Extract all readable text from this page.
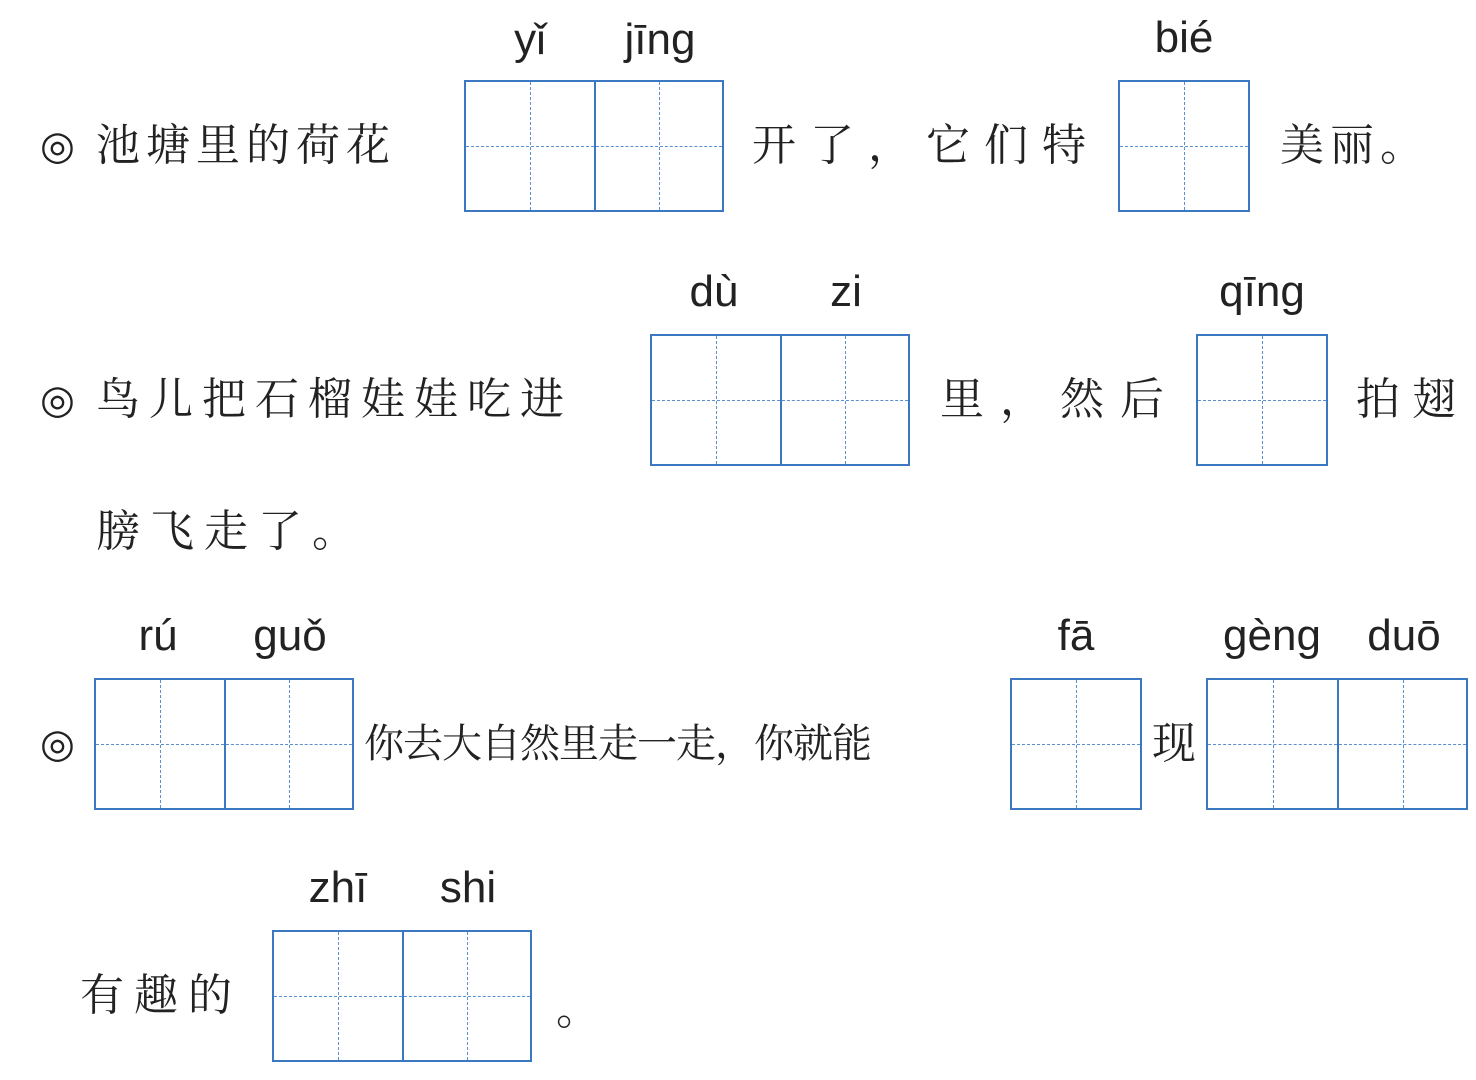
◎ 池塘里的荷花
yǐ jīng
开了，它们特
bié
美丽。
◎ 鸟儿把石榴娃娃吃进
dù zi
里，然后
qīng
拍翅
膀飞走了。
◎
rú guǒ
你去大自然里走一走，你就能
fā
现
gèng duō
有趣的
zhī shi
。
